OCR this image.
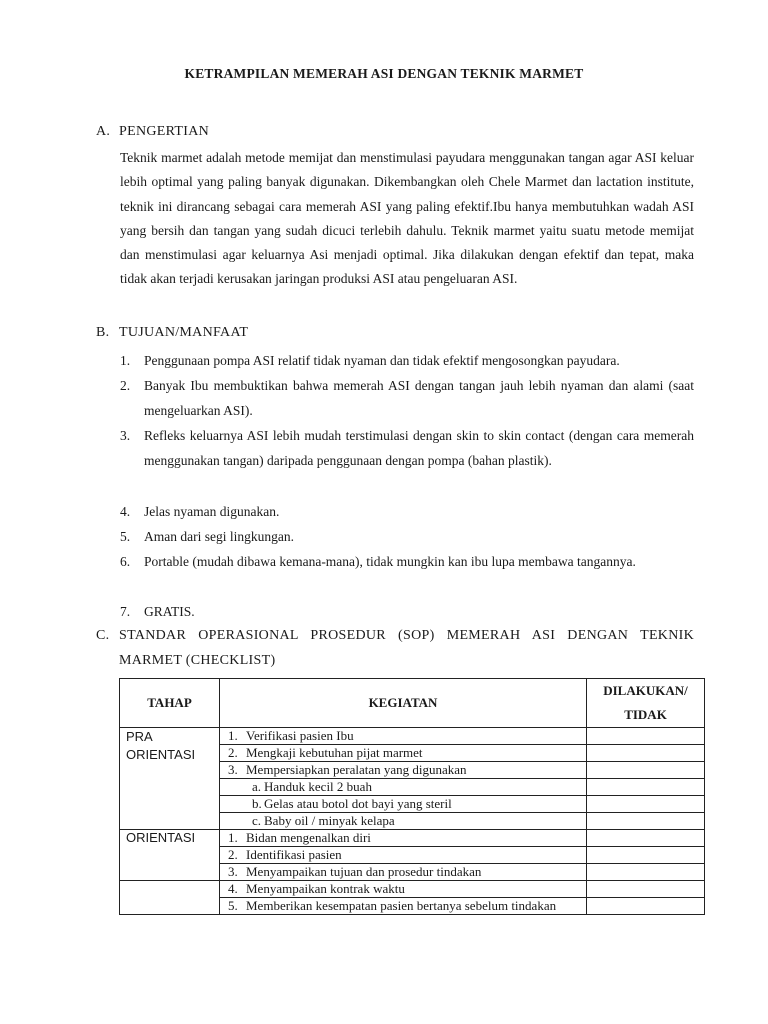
KETRAMPILAN MEMERAH ASI DENGAN TEKNIK MARMET
A. PENGERTIAN
Teknik marmet adalah metode memijat dan menstimulasi payudara menggunakan tangan agar ASI keluar lebih optimal yang paling banyak digunakan. Dikembangkan oleh Chele Marmet dan lactation institute, teknik ini dirancang sebagai cara memerah ASI yang paling efektif.Ibu hanya membutuhkan wadah ASI yang bersih dan tangan yang sudah dicuci terlebih dahulu. Teknik marmet yaitu suatu metode memijat dan menstimulasi agar keluarnya Asi menjadi optimal. Jika dilakukan dengan efektif dan tepat, maka tidak akan terjadi kerusakan jaringan produksi ASI atau pengeluaran ASI.
B. TUJUAN/MANFAAT
1. Penggunaan pompa ASI relatif tidak nyaman dan tidak efektif mengosongkan payudara.
2. Banyak Ibu membuktikan bahwa memerah ASI dengan tangan jauh lebih nyaman dan alami (saat mengeluarkan ASI).
3. Refleks keluarnya ASI lebih mudah terstimulasi dengan skin to skin contact (dengan cara memerah menggunakan tangan) daripada penggunaan dengan pompa (bahan plastik).
4. Jelas nyaman digunakan.
5. Aman dari segi lingkungan.
6. Portable (mudah dibawa kemana-mana), tidak mungkin kan ibu lupa membawa tangannya.
7. GRATIS.
C. STANDAR OPERASIONAL PROSEDUR (SOP) MEMERAH ASI DENGAN TEKNIK
MARMET (CHECKLIST)
TAHAP	KEGIATAN	DILAKUKAN/ TIDAK
PRA ORIENTASI	1. Verifikasi pasien Ibu	

	2. Mengkaji kebutuhan pijat marmet	

	3. Mempersiapkan peralatan yang digunakan	

	a. Handuk kecil 2 buah	

	b. Gelas atau botol dot bayi yang steril	

	c. Baby oil / minyak kelapa	

ORIENTASI	1. Bidan mengenalkan diri	

	2. Identifikasi pasien	

	3. Menyampaikan tujuan dan prosedur tindakan	

	4. Menyampaikan kontrak waktu	

	5. Memberikan kesempatan pasien bertanya sebelum tindakan	
